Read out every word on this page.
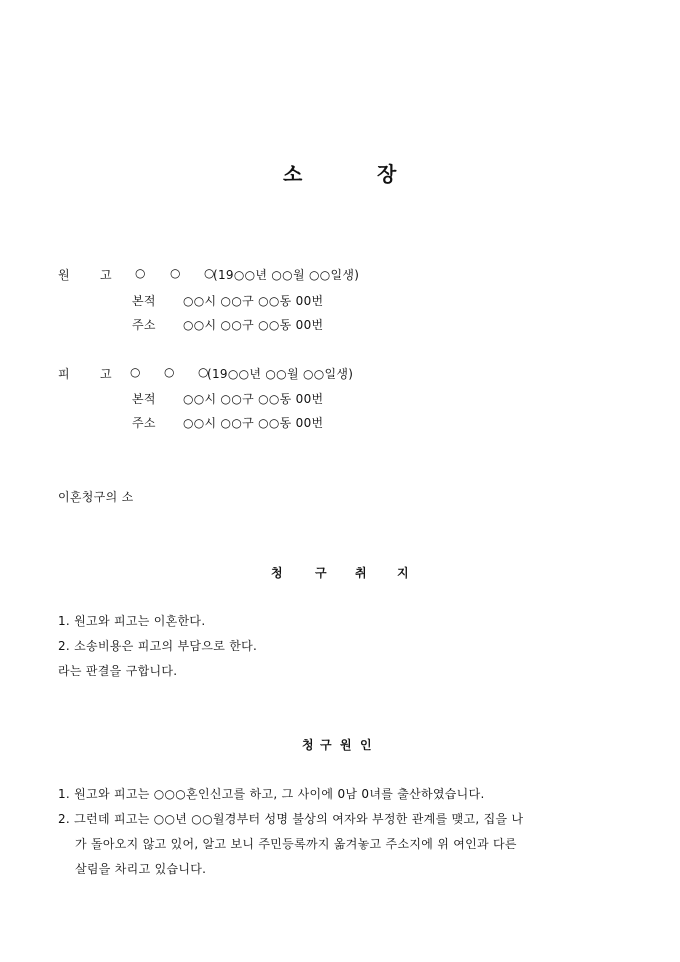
소	장
원	고 ○ ○ ○
(19○○년 ○○월 ○○일생)
본적 ○○시 ○○구 ○○동 00번
주소 ○○시 ○○구 ○○동 00번
피	고 ○ ○ ○
(19○○년 ○○월 ○○일생)
본적 ○○시 ○○구 ○○동 00번
주소 ○○시 ○○구 ○○동 00번
이혼청구의 소
청	구 취	지
1. 원고와 피고는 이혼한다.
2. 소송비용은 피고의 부담으로 한다.
라는 판결을 구합니다.
청 구 원 인
1. 원고와 피고는 ○○○혼인신고를 하고, 그 사이에 0남 0녀를 출산하였습니다.
2. 그런데 피고는 ○○년 ○○월경부터 성명 불상의 여자와 부정한 관계를 맺고, 집을 나
가 돌아오지 않고 있어, 알고 보니 주민등록까지 옮겨놓고 주소지에 위 여인과 다른
살림을 차리고 있습니다.
